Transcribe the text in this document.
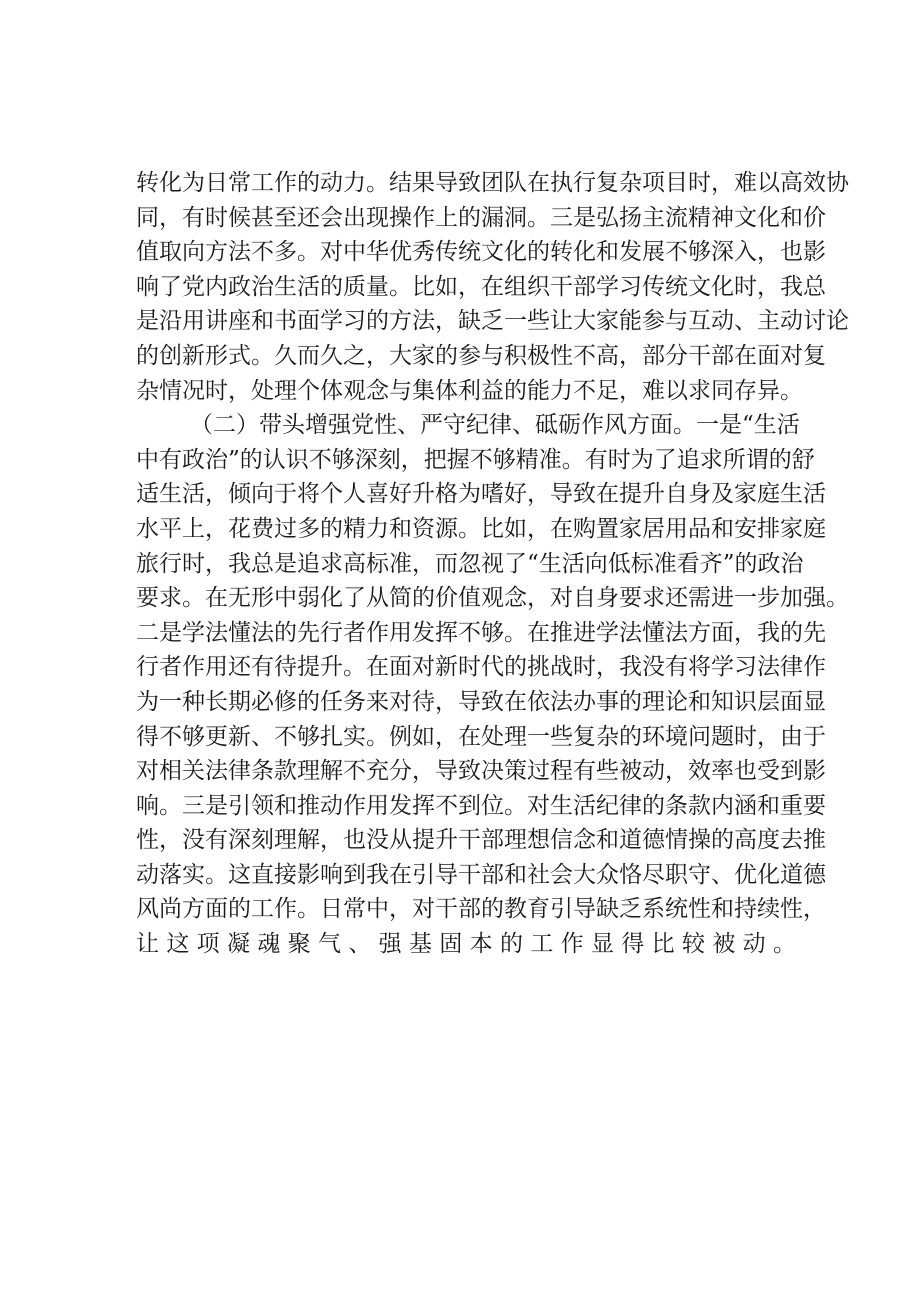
转化为日常工作的动力。结果导致团队在执行复杂项目时，难以高效协
同，有时候甚至还会出现操作上的漏洞。三是弘扬主流精神文化和价
值取向方法不多。对中华优秀传统文化的转化和发展不够深入，也影
响了党内政治生活的质量。比如，在组织干部学习传统文化时，我总
是沿用讲座和书面学习的方法，缺乏一些让大家能参与互动、主动讨论
的创新形式。久而久之，大家的参与积极性不高，部分干部在面对复
杂情况时，处理个体观念与集体利益的能力不足，难以求同存异。
（二）带头增强党性、严守纪律、砥砺作风方面。一是“生活
中有政治”的认识不够深刻，把握不够精准。有时为了追求所谓的舒
适生活，倾向于将个人喜好升格为嗜好，导致在提升自身及家庭生活
水平上，花费过多的精力和资源。比如，在购置家居用品和安排家庭
旅行时，我总是追求高标准，而忽视了“生活向低标准看齐”的政治
要求。在无形中弱化了从简的价值观念，对自身要求还需进一步加强。
二是学法懂法的先行者作用发挥不够。在推进学法懂法方面，我的先
行者作用还有待提升。在面对新时代的挑战时，我没有将学习法律作
为一种长期必修的任务来对待，导致在依法办事的理论和知识层面显
得不够更新、不够扎实。例如，在处理一些复杂的环境问题时，由于
对相关法律条款理解不充分，导致决策过程有些被动，效率也受到影
响。三是引领和推动作用发挥不到位。对生活纪律的条款内涵和重要
性，没有深刻理解，也没从提升干部理想信念和道德情操的高度去推
动落实。这直接影响到我在引导干部和社会大众恪尽职守、优化道德
风尚方面的工作。日常中，对干部的教育引导缺乏系统性和持续性，
让这项凝魂聚气、强基固本的工作显得比较被动。
